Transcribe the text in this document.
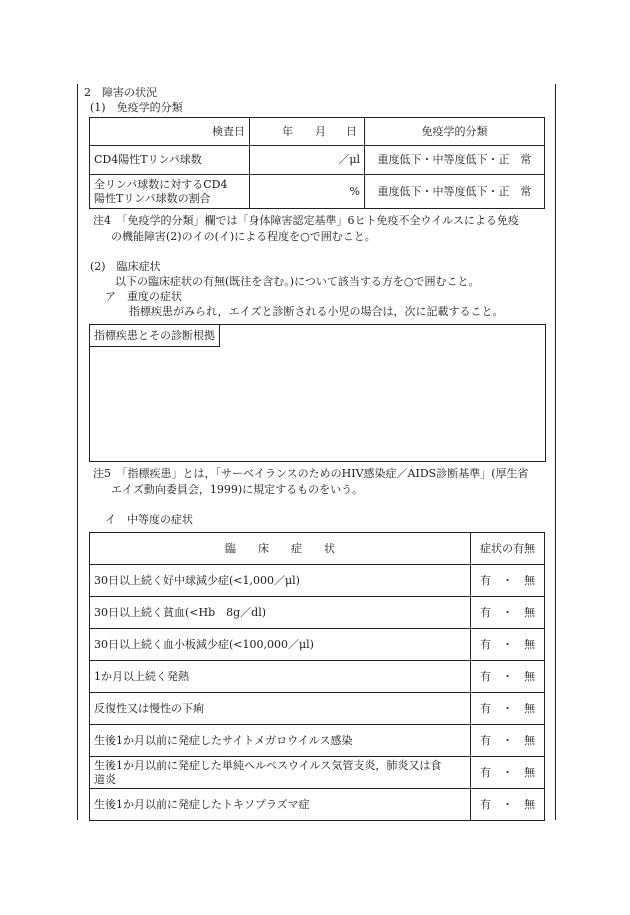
2　障害の状況
(1)　免疫学的分類
検査日	年 月 日	免疫学的分類
CD4陽性Tリンパ球数	／μl	重度低下・中等度低下・正　常

全リンパ球数に対するCD4
陽性Tリンパ球数の割合	%	重度低下・中等度低下・正　常
注4　「免疫学的分類」欄では「身体障害認定基準」6ヒト免疫不全ウイルスによる免疫
の機能障害(2)のイの(イ)による程度を○で囲むこと。
(2)　臨床症状
以下の臨床症状の有無(既往を含む。)について該当する方を○で囲むこと。
ア　重度の症状
指標疾患がみられ，エイズと診断される小児の場合は，次に記載すること。
指標疾患とその診断根拠
注5　「指標疾患」とは，「サーベイランスのためのHIV感染症／AIDS診断基準」(厚生省
エイズ動向委員会，1999)に規定するものをいう。
イ　中等度の症状
臨　　床　　症　　状	症状の有無
30日以上続く好中球減少症(<1,000／μl)	有　・　無
30日以上続く貧血(<Hb　8g／dl)	有　・　無
30日以上続く血小板減少症(<100,000／μl)	有　・　無
1か月以上続く発熱	有　・　無
反復性又は慢性の下痢	有　・　無
生後1か月以前に発症したサイトメガロウイルス感染	有　・　無

生後1か月以前に発症した単純ヘルペスウイルス気管支炎，肺炎又は食
道炎	有　・　無
生後1か月以前に発症したトキソプラズマ症	有　・　無
